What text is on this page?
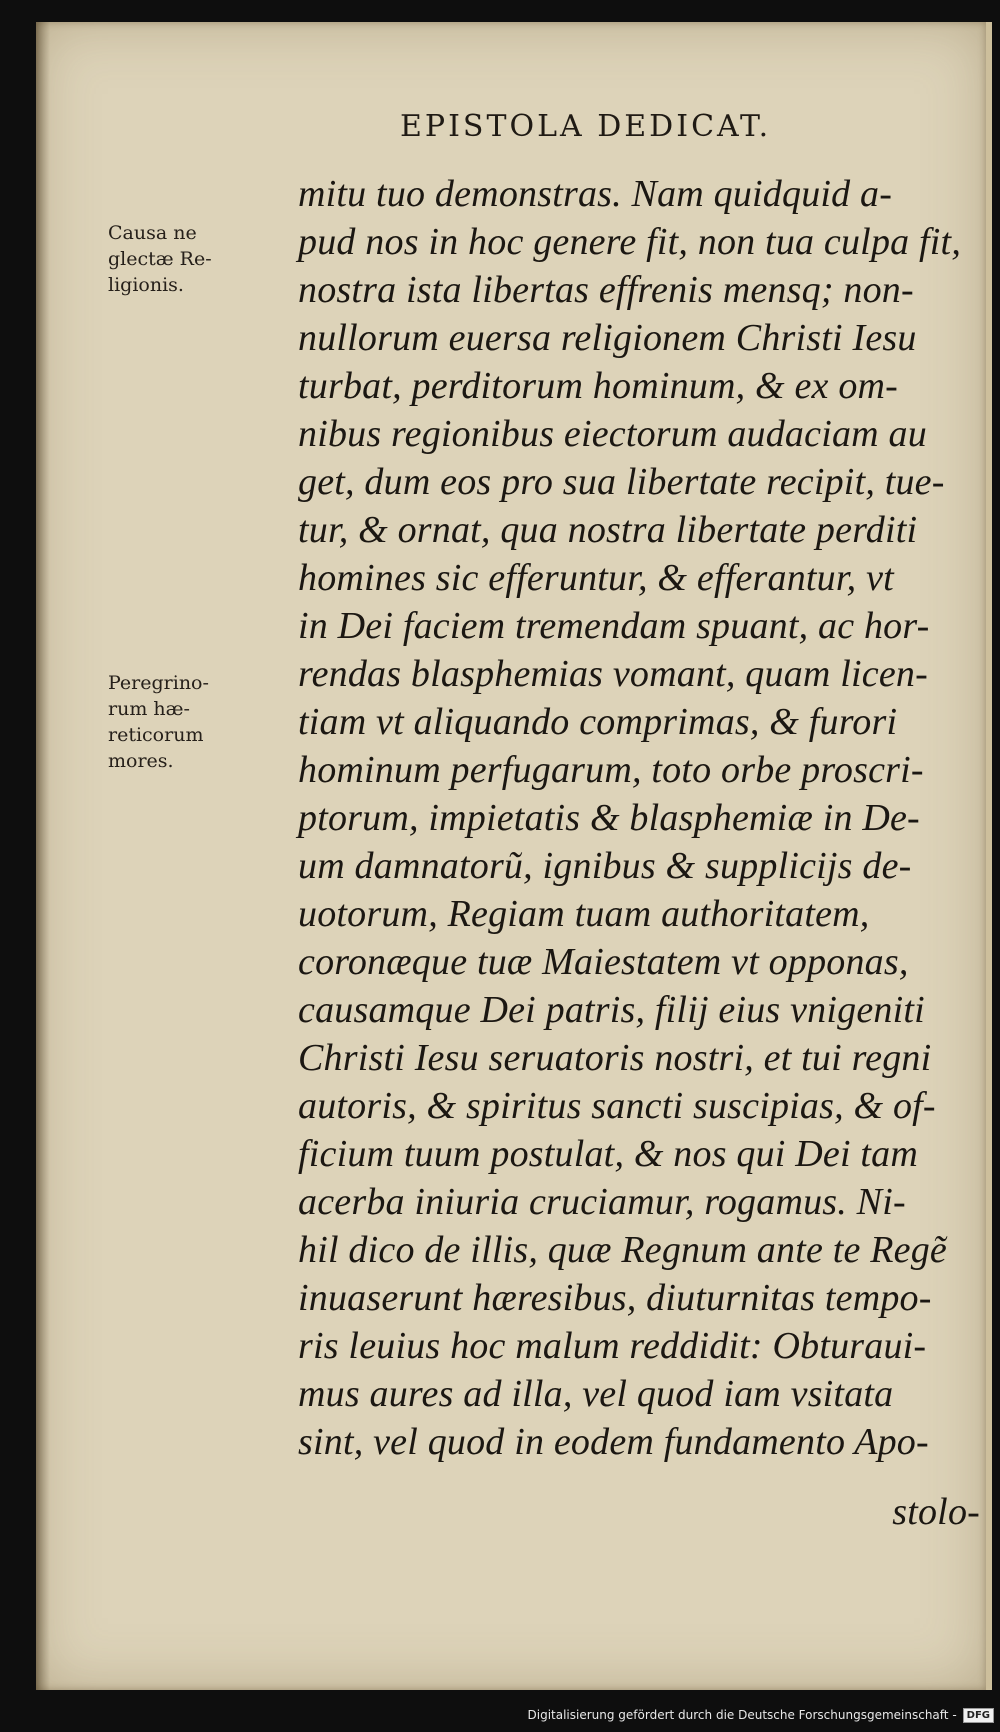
EPISTOLA DEDICAT.
Causa ne
glectæ Re-
ligionis.
Peregrino-
rum hæ-
reticorum
mores.
mitu tuo demonstras. Nam quidquid a-
pud nos in hoc genere fit, non tua culpa fit,
nostra ista libertas effrenis mensq; non-
nullorum euersa religionem Christi Iesu
turbat, perditorum hominum, & ex om-
nibus regionibus eiectorum audaciam au
get, dum eos pro sua libertate recipit, tue-
tur, & ornat, qua nostra libertate perditi
homines sic efferuntur, & efferantur, vt
in Dei faciem tremendam spuant, ac hor-
rendas blasphemias vomant, quam licen-
tiam vt aliquando comprimas, & furori
hominum perfugarum, toto orbe proscri-
ptorum, impietatis & blasphemiæ in De-
um damnatorũ, ignibus & supplicijs de-
uotorum, Regiam tuam authoritatem,
coronæque tuæ Maiestatem vt opponas,
causamque Dei patris, filij eius vnigeniti
Christi Iesu seruatoris nostri, et tui regni
autoris, & spiritus sancti suscipias, & of-
ficium tuum postulat, & nos qui Dei tam
acerba iniuria cruciamur, rogamus. Ni-
hil dico de illis, quæ Regnum ante te Regẽ
inuaserunt hæresibus, diuturnitas tempo-
ris leuius hoc malum reddidit: Obturaui-
mus aures ad illa, vel quod iam vsitata
sint, vel quod in eodem fundamento Apo-
stolo-
Digitalisierung gefördert durch die Deutsche Forschungsgemeinschaft -	DFG
